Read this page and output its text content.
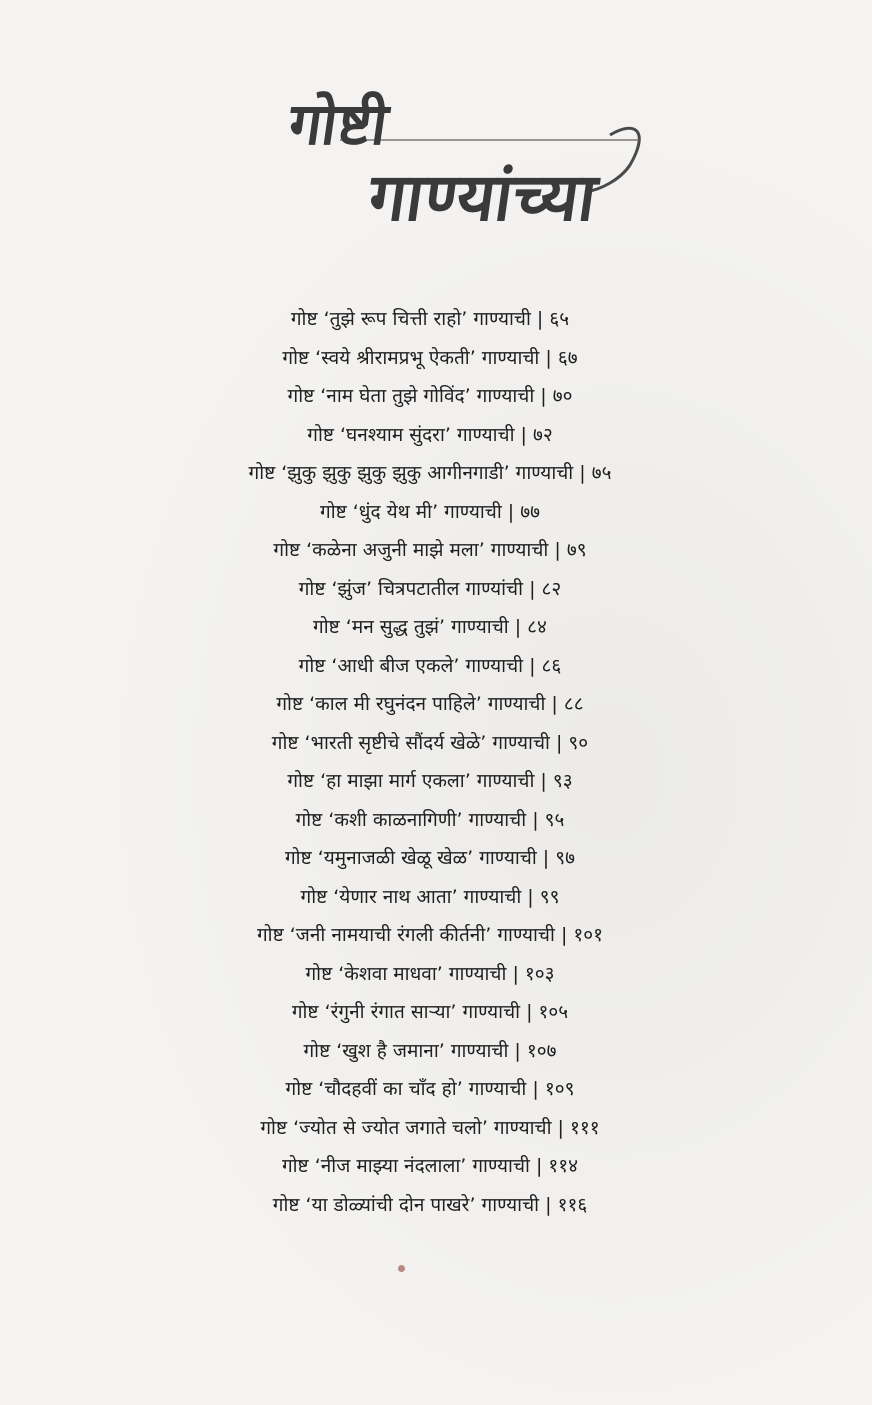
गोष्टी
गाण्यांच्या
गोष्ट ‘तुझे रूप चित्ती राहो’ गाण्याची | ६५
गोष्ट ‘स्वये श्रीरामप्रभू ऐकती’ गाण्याची | ६७
गोष्ट ‘नाम घेता तुझे गोविंद’ गाण्याची | ७०
गोष्ट ‘घनश्याम सुंदरा’ गाण्याची | ७२
गोष्ट ‘झुकु झुकु झुकु झुकु आगीनगाडी’ गाण्याची | ७५
गोष्ट ‘धुंद येथ मी’ गाण्याची | ७७
गोष्ट ‘कळेना अजुनी माझे मला’ गाण्याची | ७९
गोष्ट ‘झुंज’ चित्रपटातील गाण्यांची | ८२
गोष्ट ‘मन सुद्ध तुझं’ गाण्याची | ८४
गोष्ट ‘आधी बीज एकले’ गाण्याची | ८६
गोष्ट ‘काल मी रघुनंदन पाहिले’ गाण्याची | ८८
गोष्ट ‘भारती सृष्टीचे सौंदर्य खेळे’ गाण्याची | ९०
गोष्ट ‘हा माझा मार्ग एकला’ गाण्याची | ९३
गोष्ट ‘कशी काळनागिणी’ गाण्याची | ९५
गोष्ट ‘यमुनाजळी खेळू खेळ’ गाण्याची | ९७
गोष्ट ‘येणार नाथ आता’ गाण्याची | ९९
गोष्ट ‘जनी नामयाची रंगली कीर्तनी’ गाण्याची | १०१
गोष्ट ‘केशवा माधवा’ गाण्याची | १०३
गोष्ट ‘रंगुनी रंगात साऱ्या’ गाण्याची | १०५
गोष्ट ‘खुश है जमाना’ गाण्याची | १०७
गोष्ट ‘चौदहवीं का चाँद हो’ गाण्याची | १०९
गोष्ट ‘ज्योत से ज्योत जगाते चलो’ गाण्याची | १११
गोष्ट ‘नीज माझ्या नंदलाला’ गाण्याची | ११४
गोष्ट ‘या डोळ्यांची दोन पाखरे’ गाण्याची | ११६
